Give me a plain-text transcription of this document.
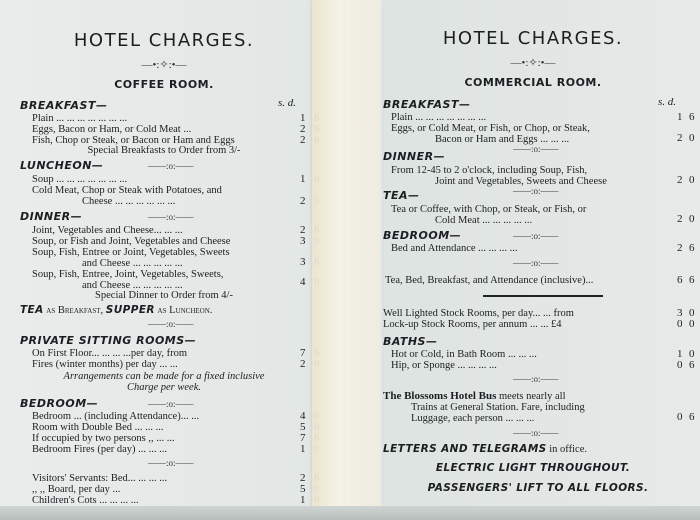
HOTEL CHARGES.
—•:✧:•—
COFFEE ROOM.
s. d.
BREAKFAST—
Plain ... ... ... ... ... ... ...	1
Eggs, Bacon or Ham, or Cold Meat ...	2
Fish, Chop or Steak, or Bacon or Ham and Eggs	2
Special Breakfasts to Order from 3/-
LUNCHEON—	——:o:——
Soup ... ... ... ... ... ... ...	1
Cold Meat, Chop or Steak with Potatoes, and
Cheese ... ... ... ... ... ...	2
DINNER—	——:o:——
Joint, Vegetables and Cheese... ... ...	2
Soup, or Fish and Joint, Vegetables and Cheese	3
Soup, Fish, Entree or Joint, Vegetables, Sweets
and Cheese ... ... ... ... ...	3
Soup, Fish, Entree, Joint, Vegetables, Sweets,
and Cheese ... ... ... ... ...	4
Special Dinner to Order from 4/-
TEA as Breakfast, SUPPER as Luncheon.
——:o:——
PRIVATE SITTING ROOMS—
On First Floor... ... ... ...per day, from	7
Fires (winter months) per day ... ...	2
Arrangements can be made for a fixed inclusive
Charge per week.
BEDROOM—	——:o:——
Bedroom ... (including Attendance)... ...	4
Room with Double Bed ... ... ...	5
If occupied by two persons ,, ... ...	7
Bedroom Fires (per day) ... ... ...	1
——:o:——
Visitors' Servants: Bed... ... ... ...	2
,, ,, Board, per day ...	5
Children's Cots ... ... ... ...	1
HOTEL CHARGES.
—•:✧:•—
COMMERCIAL ROOM.
s. d.
BREAKFAST—
Plain ... ... ... ... ... ... ...	1 6
Eggs, or Cold Meat, or Fish, or Chop, or Steak,
Bacon or Ham and Eggs ... ... ...	2 0
——:o:——
DINNER—
From 12-45 to 2 o'clock, including Soup, Fish,
Joint and Vegetables, Sweets and Cheese	2 0
——:o:——
TEA—
Tea or Coffee, with Chop, or Steak, or Fish, or
Cold Meat ... ... ... ... ...	2 0
BEDROOM—	——:o:——
Bed and Attendance ... ... ... ...	2 6
——:o:——
Tea, Bed, Breakfast, and Attendance (inclusive)...	6 6
Well Lighted Stock Rooms, per day... ... from	3 0
Lock-up Stock Rooms, per annum ... ... £4	0 0
BATHS—
Hot or Cold, in Bath Room ... ... ...	1 0
Hip, or Sponge ... ... ... ...	0 6
——:o:——
The Blossoms Hotel Bus meets nearly all
Trains at General Station. Fare, including
Luggage, each person ... ... ...	0 6
——:o:——
LETTERS AND TELEGRAMS in office.
ELECTRIC LIGHT THROUGHOUT.
PASSENGERS' LIFT TO ALL FLOORS.
